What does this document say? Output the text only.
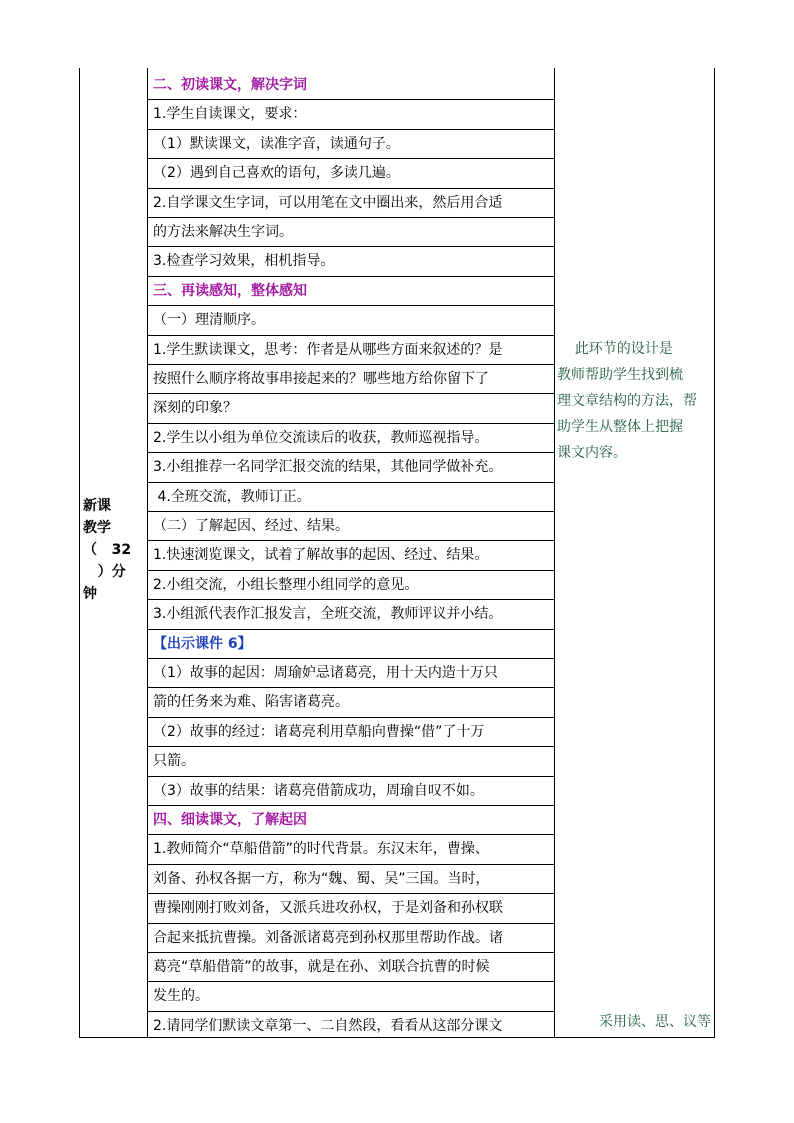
新课
教学
（   32
）分
钟
二、初读课文，解决字词
1.学生自读课文，要求：
（1）默读课文，读准字音，读通句子。
（2）遇到自己喜欢的语句，多读几遍。
2.自学课文生字词，可以用笔在文中圈出来，然后用合适
的方法来解决生字词。
3.检查学习效果，相机指导。
三、再读感知，整体感知
（一）理清顺序。
1.学生默读课文，思考：作者是从哪些方面来叙述的？是
按照什么顺序将故事串接起来的？哪些地方给你留下了
深刻的印象？
2.学生以小组为单位交流读后的收获，教师巡视指导。
3.小组推荐一名同学汇报交流的结果，其他同学做补充。
4.全班交流，教师订正。
（二）了解起因、经过、结果。
1.快速浏览课文，试着了解故事的起因、经过、结果。
2.小组交流，小组长整理小组同学的意见。
3.小组派代表作汇报发言，全班交流，教师评议并小结。
【出示课件 6】
（1）故事的起因：周瑜妒忌诸葛亮，用十天内造十万只
箭的任务来为难、陷害诸葛亮。
（2）故事的经过：诸葛亮利用草船向曹操“借”了十万
只箭。
（3）故事的结果：诸葛亮借箭成功，周瑜自叹不如。
四、细读课文，了解起因
1.教师简介“草船借箭”的时代背景。东汉末年，曹操、
刘备、孙权各据一方，称为“魏、蜀、吴”三国。当时，
曹操刚刚打败刘备，又派兵进攻孙权，于是刘备和孙权联
合起来抵抗曹操。刘备派诸葛亮到孙权那里帮助作战。诸
葛亮“草船借箭”的故事，就是在孙、刘联合抗曹的时候
发生的。
2.请同学们默读文章第一、二自然段，看看从这部分课文
此环节的设计是
教师帮助学生找到梳
理文章结构的方法，帮
助学生从整体上把握
课文内容。
采用读、思、议等
